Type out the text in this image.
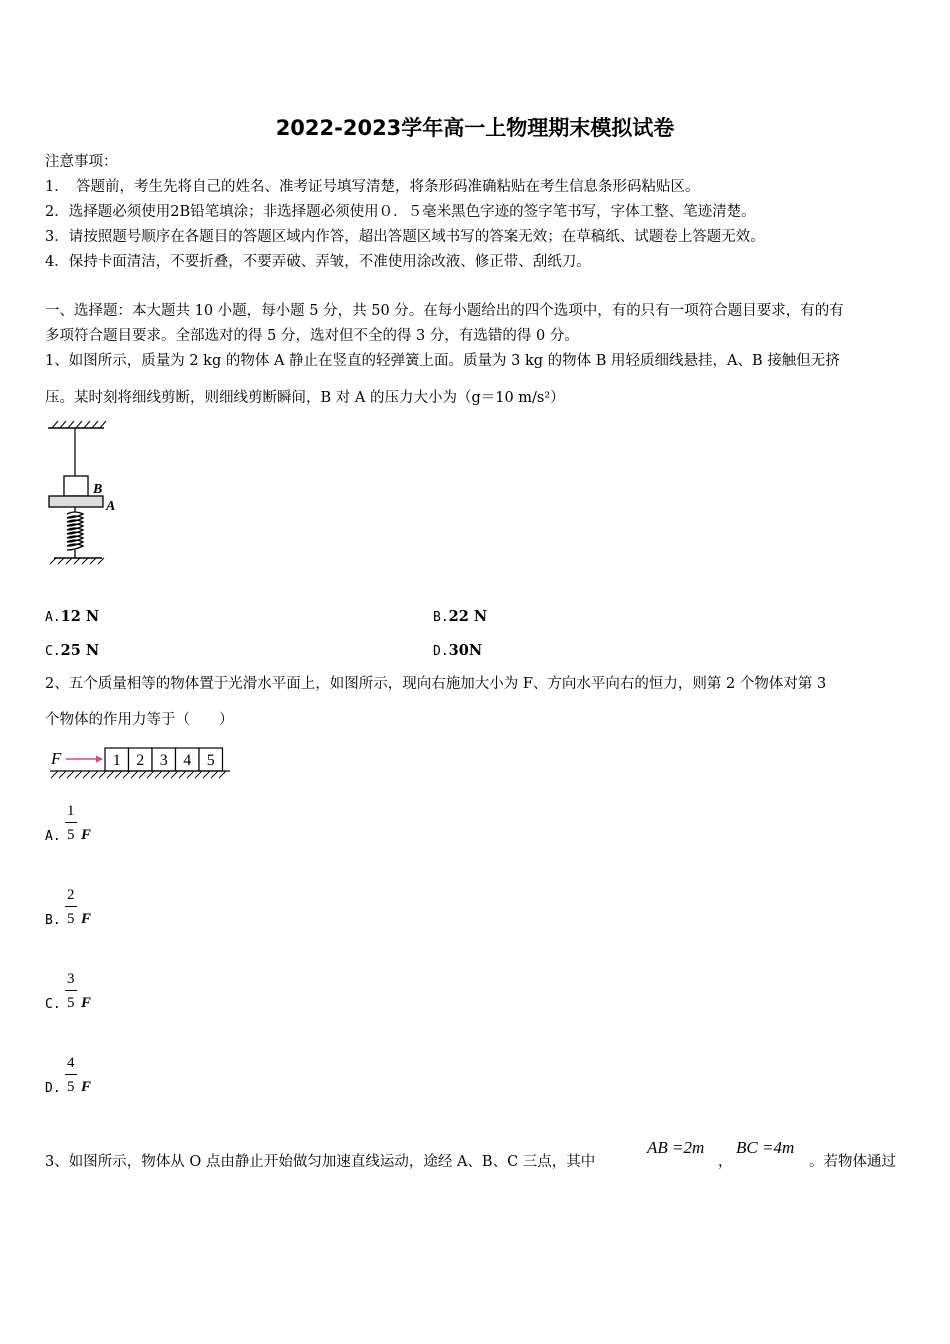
2022-2023学年高一上物理期末模拟试卷
注意事项：
1．　答题前，考生先将自己的姓名、准考证号填写清楚，将条形码准确粘贴在考生信息条形码粘贴区。
2．选择题必须使用2B铅笔填涂；非选择题必须使用０．５毫米黑色字迹的签字笔书写，字体工整、笔迹清楚。
3．请按照题号顺序在各题目的答题区域内作答，超出答题区域书写的答案无效；在草稿纸、试题卷上答题无效。
4．保持卡面清洁，不要折叠，不要弄破、弄皱，不准使用涂改液、修正带、刮纸刀。
一、选择题：本大题共 10 小题，每小题 5 分，共 50 分。在每小题给出的四个选项中，有的只有一项符合题目要求，有的有
多项符合题目要求。全部选对的得 5 分，选对但不全的得 3 分，有选错的得 0 分。
1、如图所示，质量为 2 kg 的物体 A 静止在竖直的轻弹簧上面。质量为 3 kg 的物体 B 用轻质细线悬挂，A、B 接触但无挤
压。某时刻将细线剪断，则细线剪断瞬间，B 对 A 的压力大小为（g＝10 m/s²）
B
A
A.12 N	B.22 N
C.25 N	D.30N
2、五个质量相等的物体置于光滑水平面上，如图所示，现向右施加大小为 F、方向水平向右的恒力，则第 2 个物体对第 3
个物体的作用力等于（　　）
F	1 2 3 4 5
1
A. 5 F
2
B. 5 F
3
C. 5 F
4
D. 5 F
3、如图所示，物体从 O 点由静止开始做匀加速直线运动，途经 A、B、C 三点，其中
AB =2m
，
BC =4m
。若物体通过
